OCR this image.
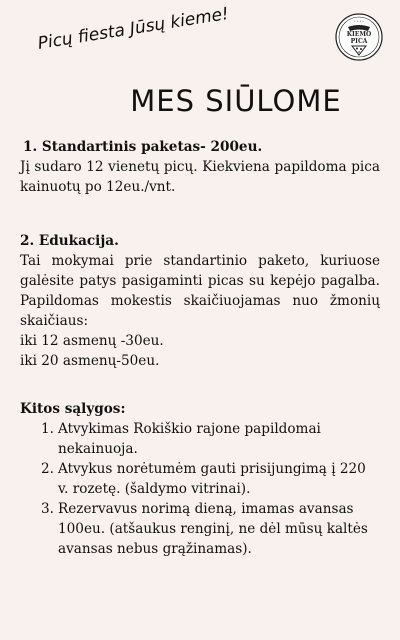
Picų fiesta Jūsų kieme!	• • • •
KIEMO
PICA
MES SIŪLOME

1. Standartinis paketas- 200eu.

Jį sudaro 12 vienetų picų. Kiekviena papildoma pica kainuotų po 12eu./vnt.

2. Edukacija.

Tai mokymai prie standartinio paketo, kuriuose galėsite patys pasigaminti picas su kepėjo pagalba. Papildomas mokestis skaičiuojamas nuo žmonių skaičiaus:

iki 12 asmenų -30eu.

iki 20 asmenų-50eu.

Kitos sąlygos:

1. Atvykimas Rokiškio rajone papildomai nekainuoja.
2. Atvykus norėtumėm gauti prisijungimą į 220 v. rozetę. (šaldymo vitrinai).
3. Rezervavus norimą dieną, imamas avansas 100eu. (atšaukus renginį, ne dėl mūsų kaltės avansas nebus grąžinamas).
